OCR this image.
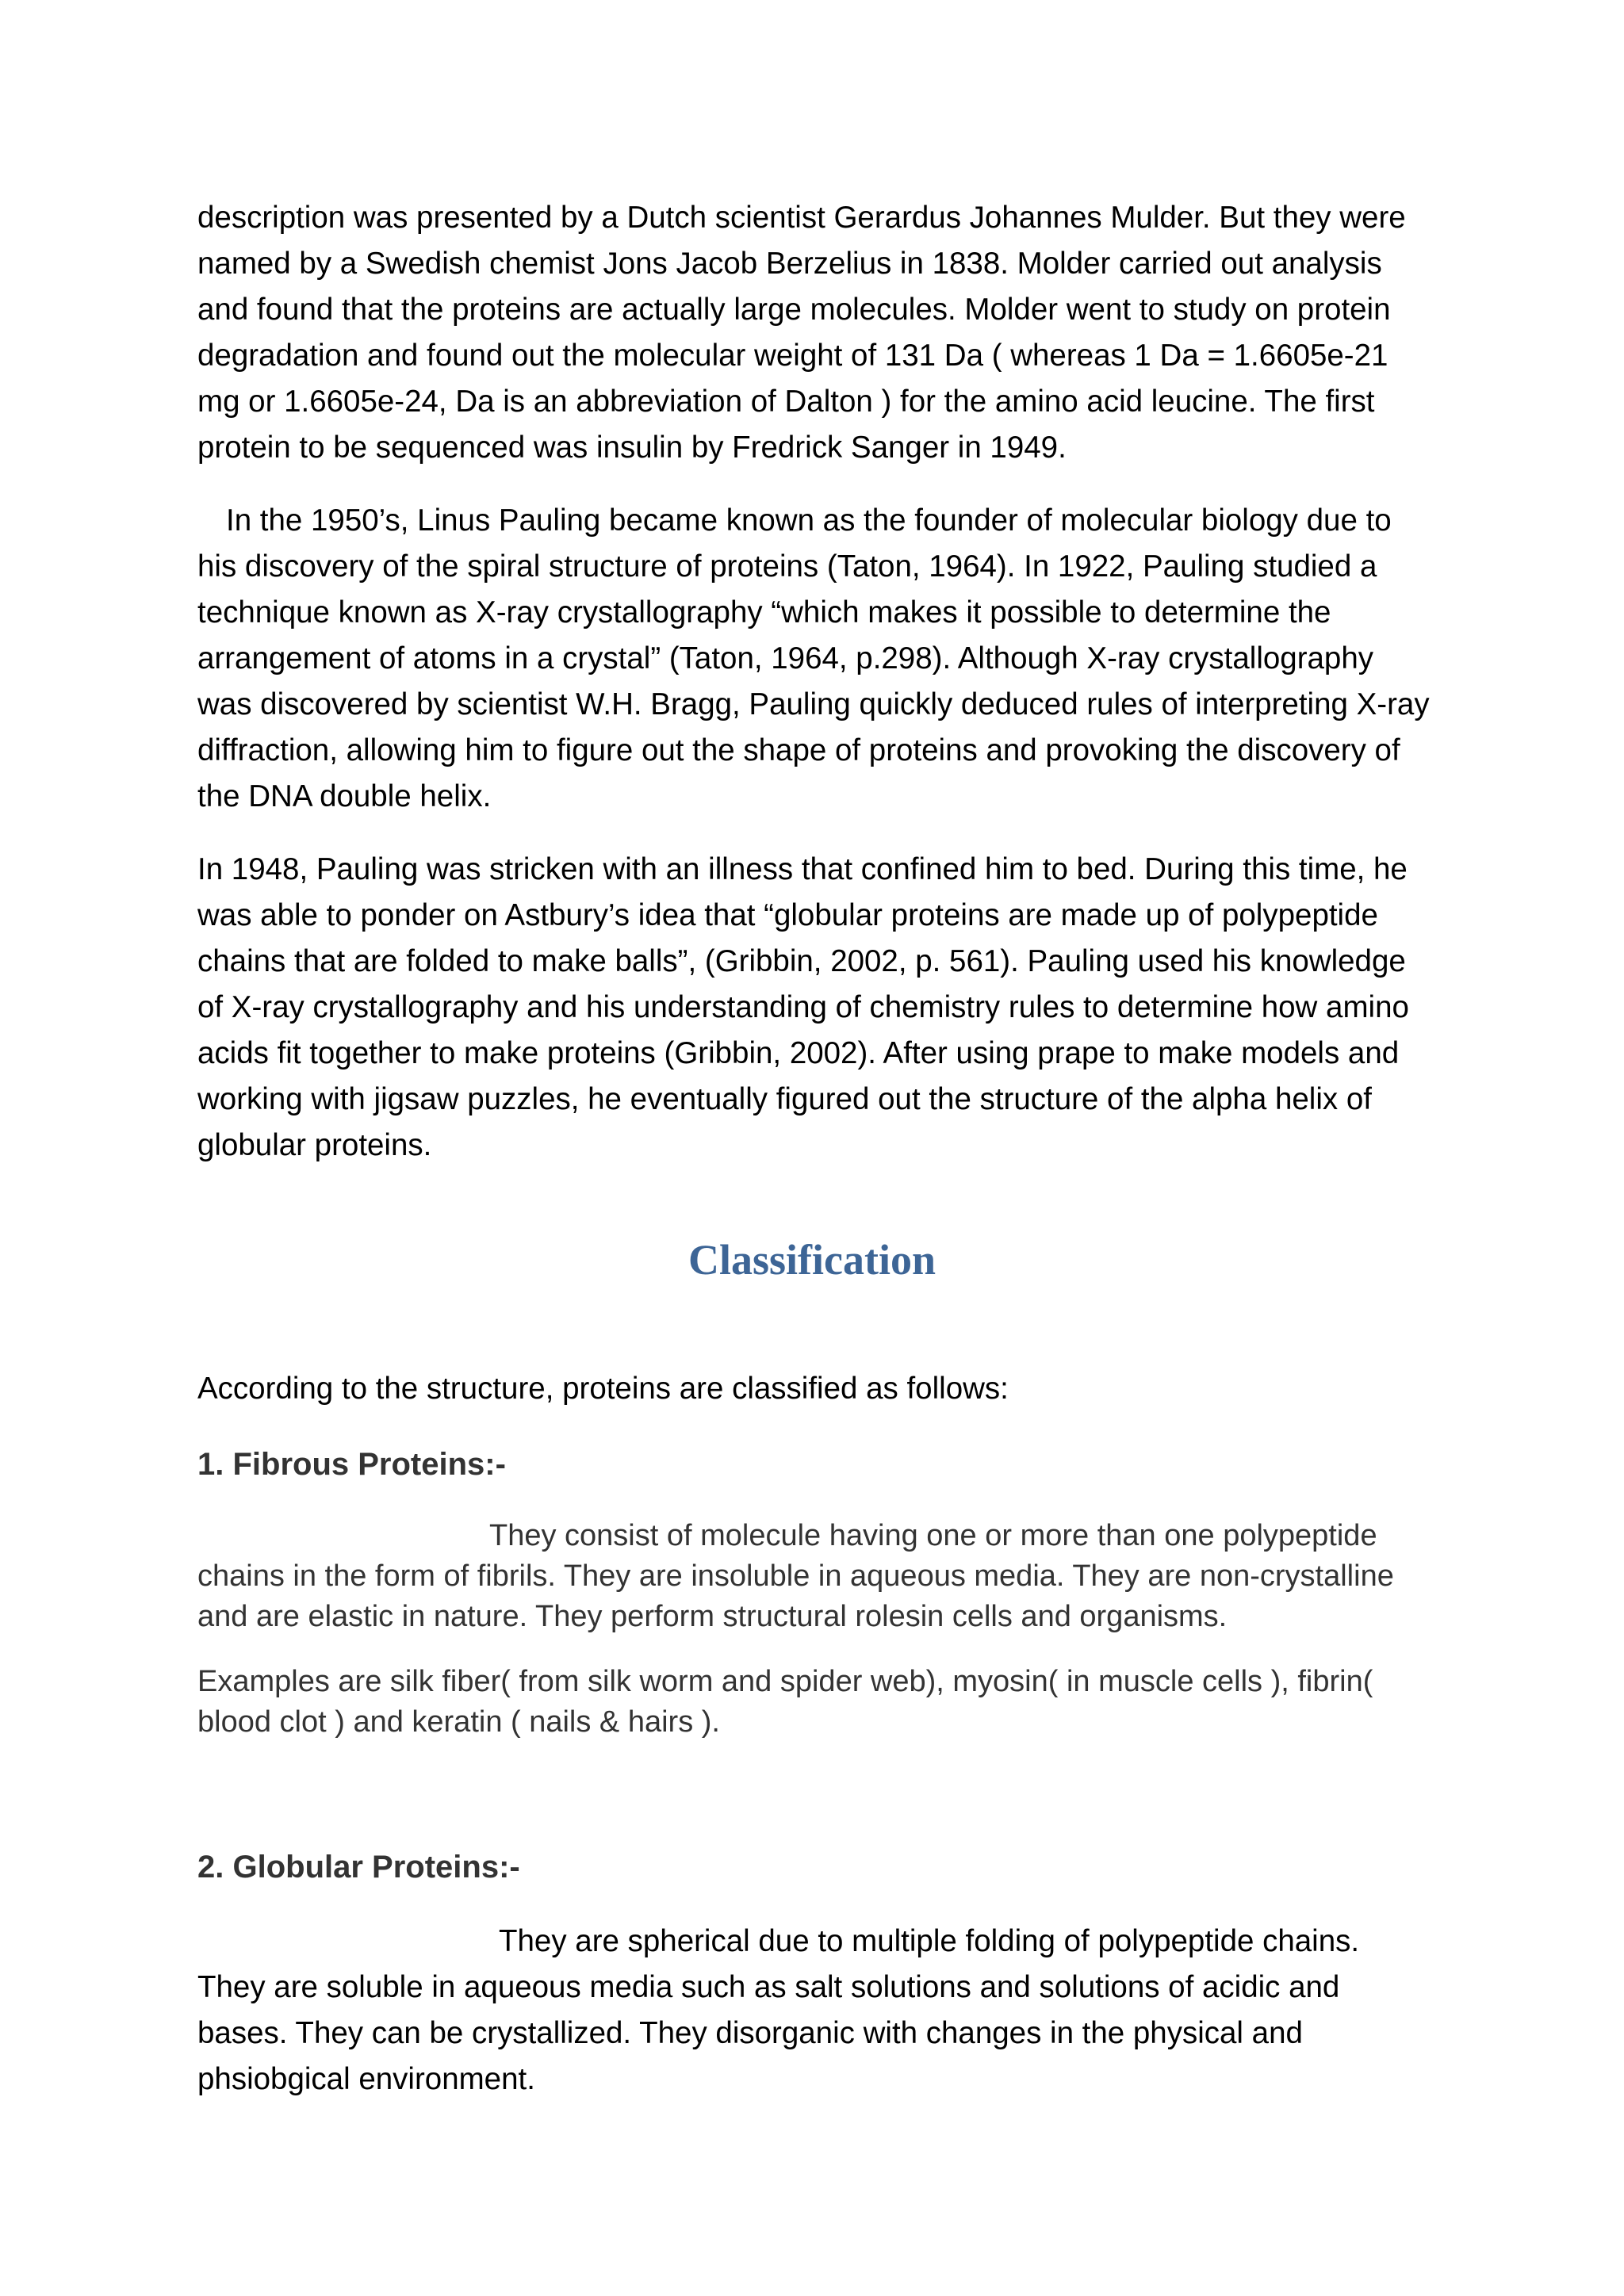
description was presented by a Dutch scientist Gerardus Johannes Mulder. But they were named by a Swedish chemist Jons Jacob Berzelius in 1838. Molder carried out analysis and found that the proteins are actually large molecules. Molder went to study on protein degradation and found out the molecular weight of 131 Da ( whereas 1 Da = 1.6605e-21 mg or 1.6605e-24, Da is an abbreviation of Dalton ) for the amino acid leucine. The first protein to be sequenced was insulin by Fredrick Sanger in 1949.

In the 1950’s, Linus Pauling became known as the founder of molecular biology due to his discovery of the spiral structure of proteins (Taton, 1964). In 1922, Pauling studied a technique known as X-ray crystallography “which makes it possible to determine the arrangement of atoms in a crystal” (Taton, 1964, p.298). Although X-ray crystallography was discovered by scientist W.H. Bragg, Pauling quickly deduced rules of interpreting X-ray diffraction, allowing him to figure out the shape of proteins and provoking the discovery of the DNA double helix.

In 1948, Pauling was stricken with an illness that confined him to bed. During this time, he was able to ponder on Astbury’s idea that “globular proteins are made up of polypeptide chains that are folded to make balls”, (Gribbin, 2002, p. 561). Pauling used his knowledge of X-ray crystallography and his understanding of chemistry rules to determine how amino acids fit together to make proteins (Gribbin, 2002). After using prape to make models and working with jigsaw puzzles, he eventually figured out the structure of the alpha helix of globular proteins.

Classification

According to the structure, proteins are classified as follows:

1. Fibrous Proteins:-

They consist of molecule having one or more than one polypeptide chains in the form of fibrils. They are insoluble in aqueous media. They are non-crystalline and are elastic in nature. They perform structural rolesin cells and organisms.

Examples are silk fiber( from silk worm and spider web), myosin( in muscle cells ), fibrin( blood clot ) and keratin ( nails & hairs ).

2. Globular Proteins:-

They are spherical due to multiple folding of polypeptide chains. They are soluble in aqueous media such as salt solutions and solutions of acidic and bases. They can be crystallized. They disorganic with changes in the physical and phsiobgical environment.
